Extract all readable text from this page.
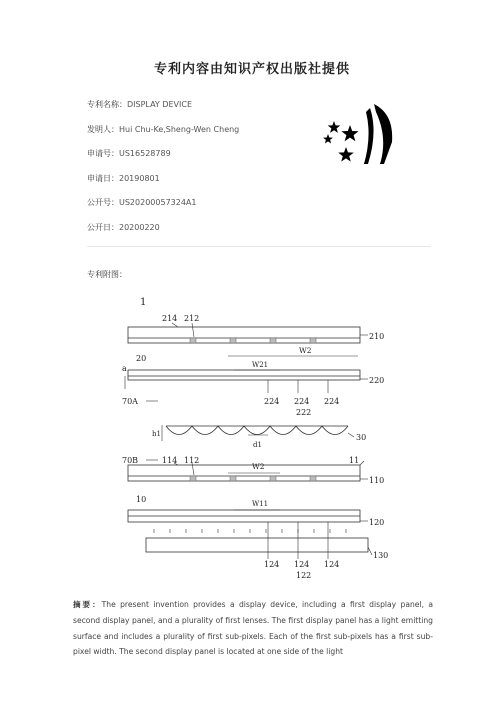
专利内容由知识产权出版社提供
专利名称：DISPLAY DEVICE
发明人：Hui Chu-Ke,Sheng-Wen Cheng
申请号：US16528789
申请日：20190801
公开号：US20200057324A1
公开日：20200220
专利附图：
1
214 212
210
20
W2
W21
a
220
70A	224 224 224
222
h1
d1
30
70B	114 112
W2
11
110
10	W11
120
130
124 124 124
122
摘要：The present invention provides a display device, including a first display panel, a second display panel, and a plurality of first lenses. The first display panel has a light emitting surface and includes a plurality of first sub-pixels. Each of the first sub-pixels has a first sub-pixel width. The second display panel is located at one side of the light
